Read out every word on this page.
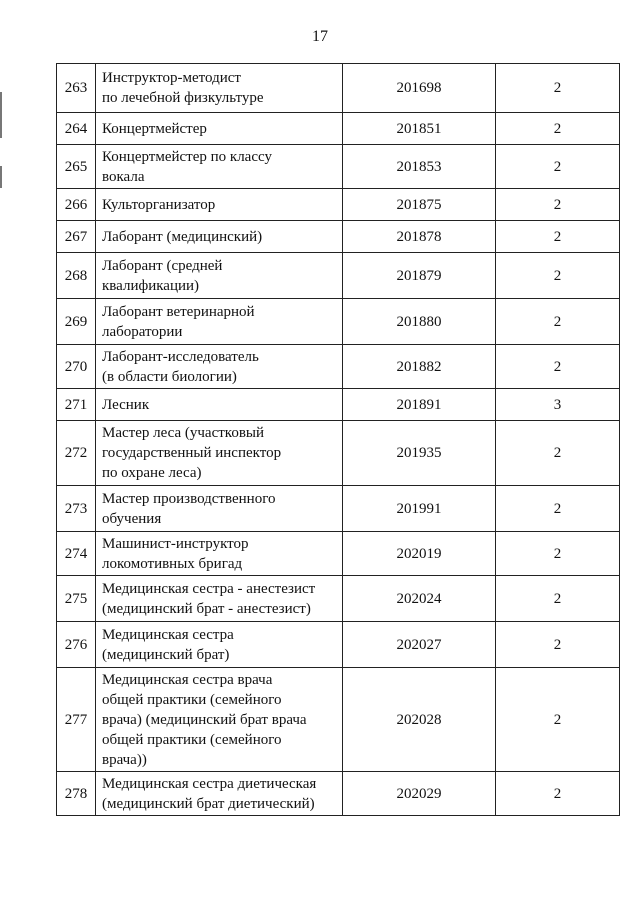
17
263	Инструктор-методист
по лечебной физкультуре	201698	2
264	Концертмейстер	201851	2
265	Концертмейстер по классу
вокала	201853	2
266	Культорганизатор	201875	2
267	Лаборант (медицинский)	201878	2
268	Лаборант (средней
квалификации)	201879	2
269	Лаборант ветеринарной
лаборатории	201880	2
270	Лаборант-исследователь
(в области биологии)	201882	2
271	Лесник	201891	3
272	Мастер леса (участковый
государственный инспектор
по охране леса)	201935	2
273	Мастер производственного
обучения	201991	2
274	Машинист-инструктор
локомотивных бригад	202019	2
275	Медицинская сестра - анестезист
(медицинский брат - анестезист)	202024	2
276	Медицинская сестра
(медицинский брат)	202027	2
277	Медицинская сестра врача
общей практики (семейного
врача) (медицинский брат врача
общей практики (семейного
врача))	202028	2
278	Медицинская сестра диетическая
(медицинский брат диетический)	202029	2
